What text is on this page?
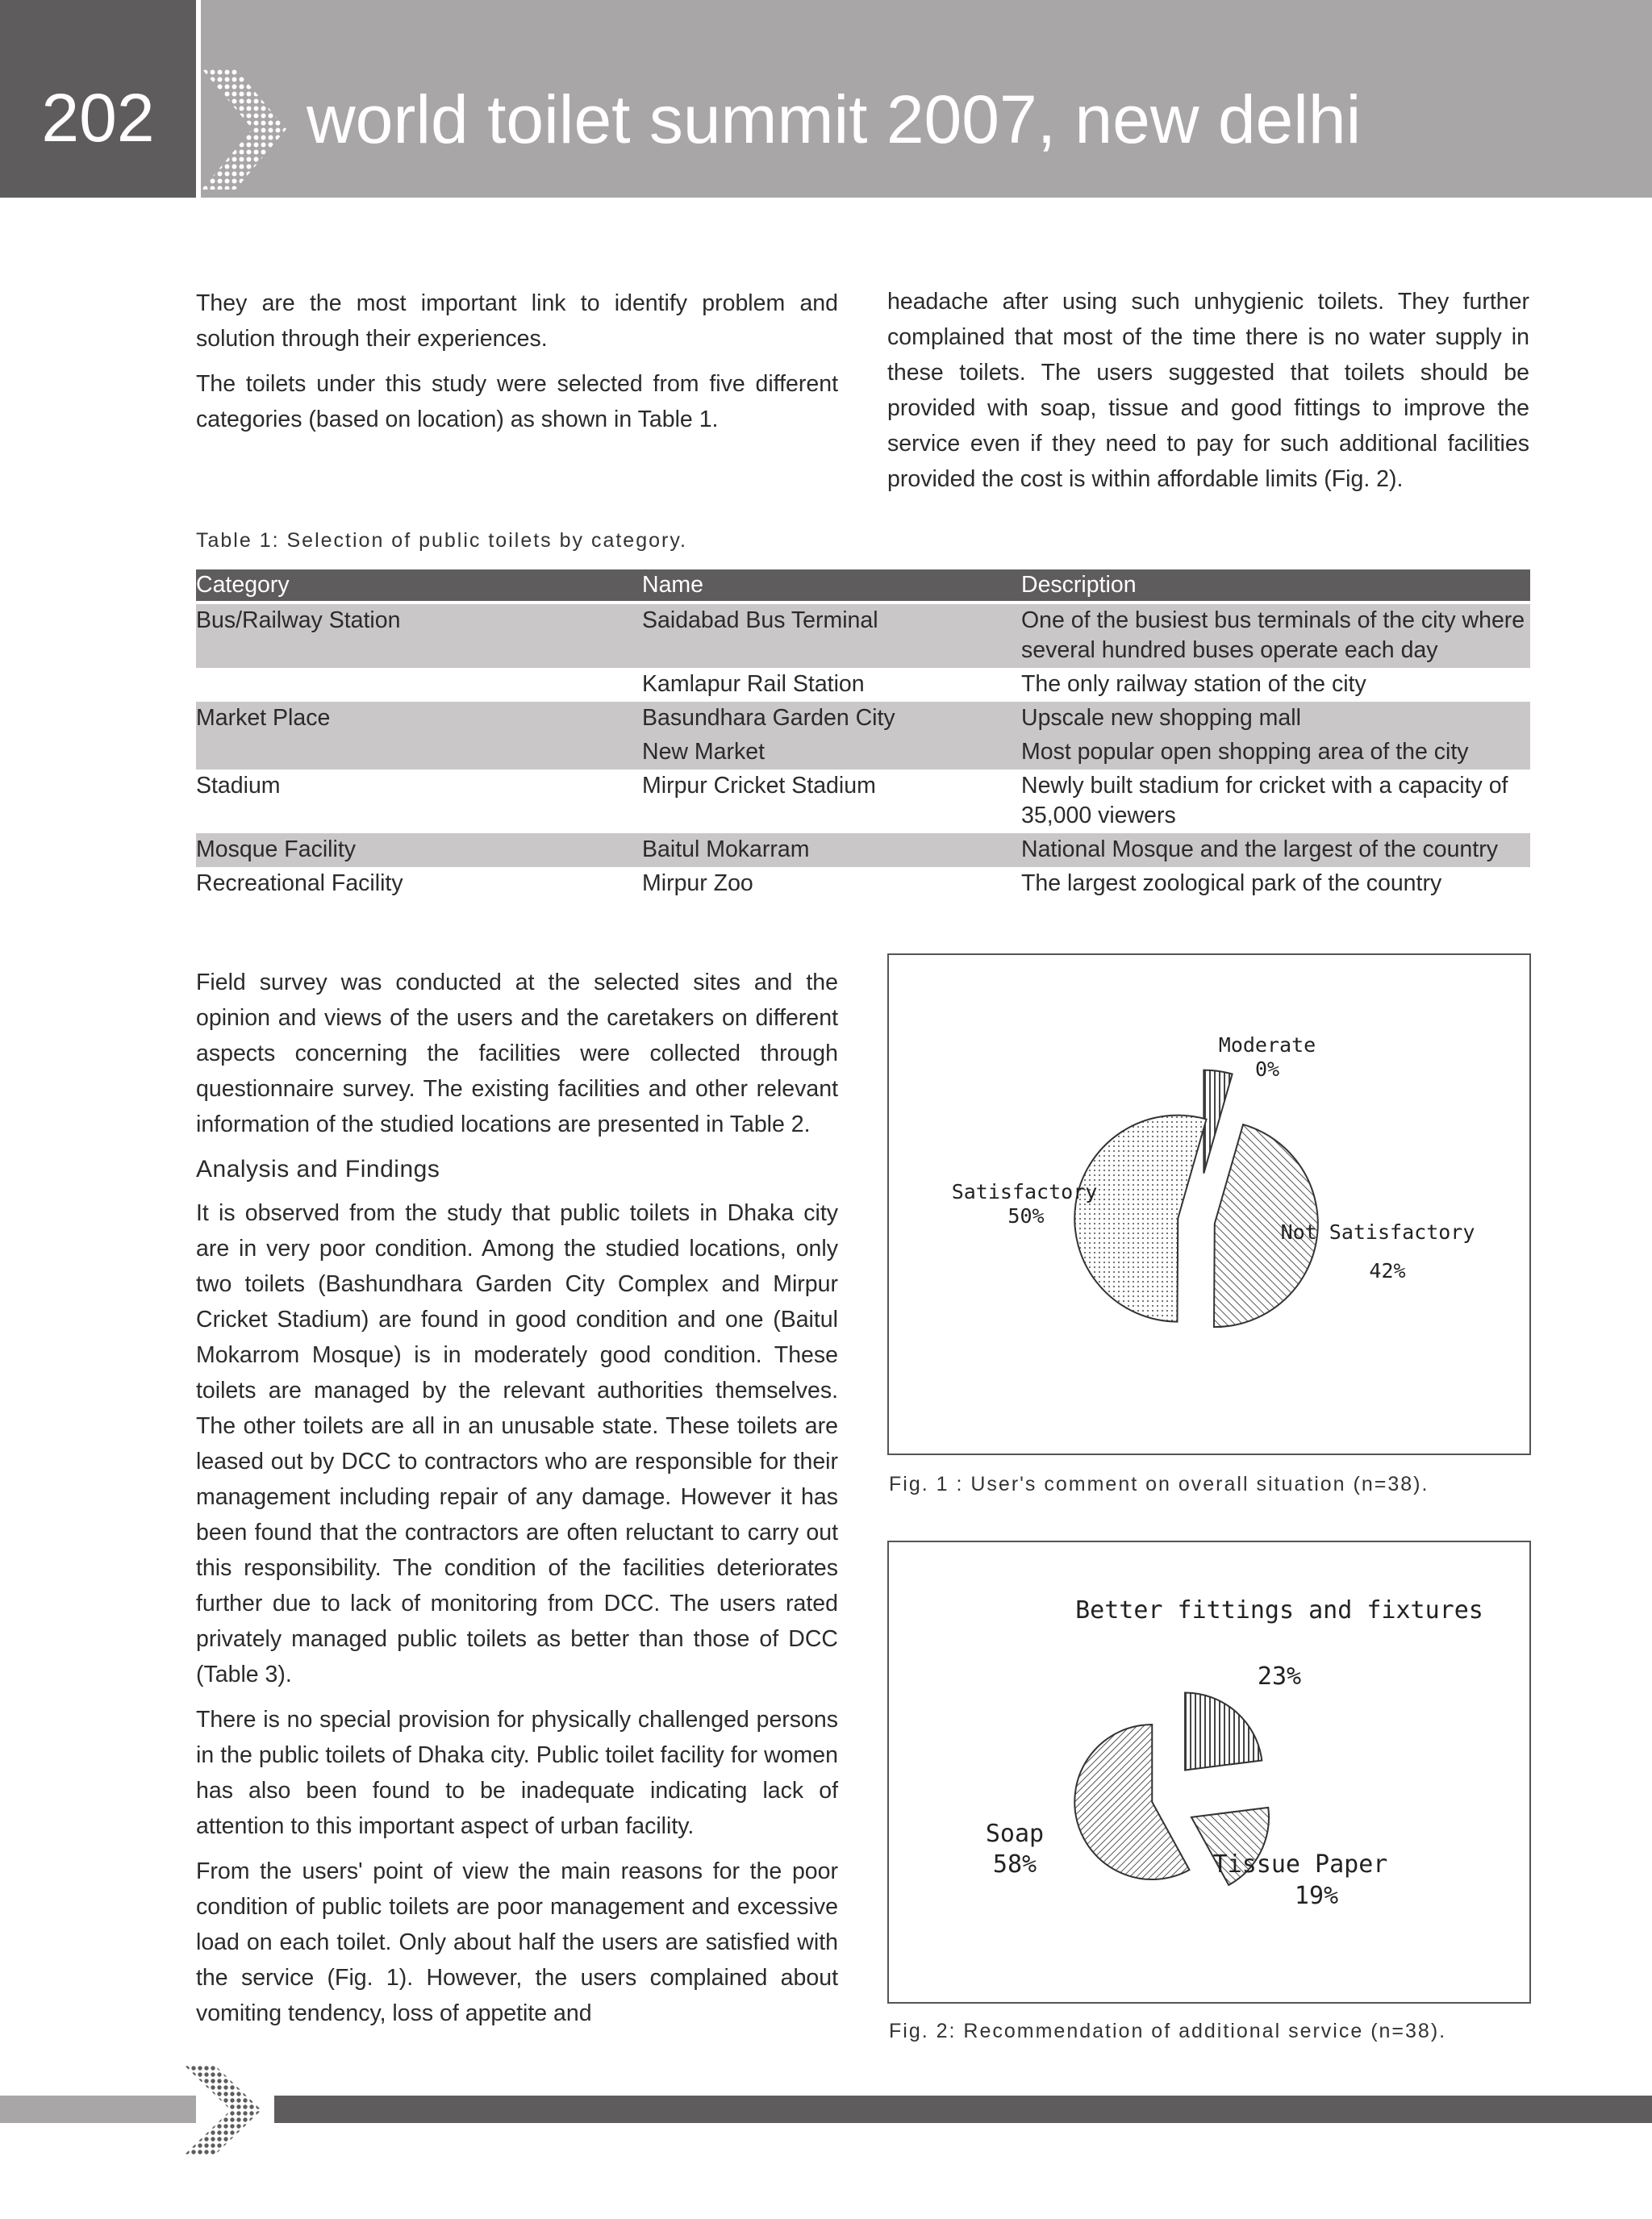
202	world toilet summit 2007, new delhi

They are the most important link to identify problem and solution through their experiences.

The toilets under this study were selected from five different categories (based on location) as shown in Table 1.

headache after using such unhygienic toilets. They further complained that most of the time there is no water supply in these toilets. The users suggested that toilets should be provided with soap, tissue and good fittings to improve the service even if they need to pay for such additional facilities provided the cost is within affordable limits (Fig. 2).

Table 1: Selection of public toilets by category.
Category	Name	Description
Bus/Railway Station	Saidabad Bus Terminal	One of the busiest bus terminals of the city where several hundred buses operate each day
	Kamlapur Rail Station	The only railway station of the city
Market Place	Basundhara Garden City	Upscale new shopping mall
	New Market	Most popular open shopping area of the city
Stadium	Mirpur Cricket Stadium	Newly built stadium for cricket with a capacity of 35,000 viewers
Mosque Facility	Baitul Mokarram	National Mosque and the largest of the country
Recreational Facility	Mirpur Zoo	The largest zoological park of the country

Field survey was conducted at the selected sites and the opinion and views of the users and the caretakers on different aspects concerning the facilities were collected through questionnaire survey. The existing facilities and other relevant information of the studied locations are presented in Table 2.

Analysis and Findings

It is observed from the study that public toilets in Dhaka city are in very poor condition. Among the studied locations, only two toilets (Bashundhara Garden City Complex and Mirpur Cricket Stadium) are found in good condition and one (Baitul Mokarrom Mosque) is in moderately good condition. These toilets are managed by the relevant authorities themselves. The other toilets are all in an unusable state. These toilets are leased out by DCC to contractors who are responsible for their management including repair of any damage. However it has been found that the contractors are often reluctant to carry out this responsibility. The condition of the facilities deteriorates further due to lack of monitoring from DCC. The users rated privately managed public toilets as better than those of DCC (Table 3).

There is no special provision for physically challenged persons in the public toilets of Dhaka city. Public toilet facility for women has also been found to be inadequate indicating lack of attention to this important aspect of urban facility.

From the users' point of view the main reasons for the poor condition of public toilets are poor management and excessive load on each toilet. Only about half the users are satisfied with the service (Fig. 1). However, the users complained about vomiting tendency, loss of appetite and

Moderate
0%
Satisfactory
50%
Not Satisfactory
42%
Fig. 1 : User's comment on overall situation (n=38).
Better fittings and fixtures
23%
Tissue Paper
19%
Soap
58%
Fig. 2: Recommendation of additional service (n=38).
